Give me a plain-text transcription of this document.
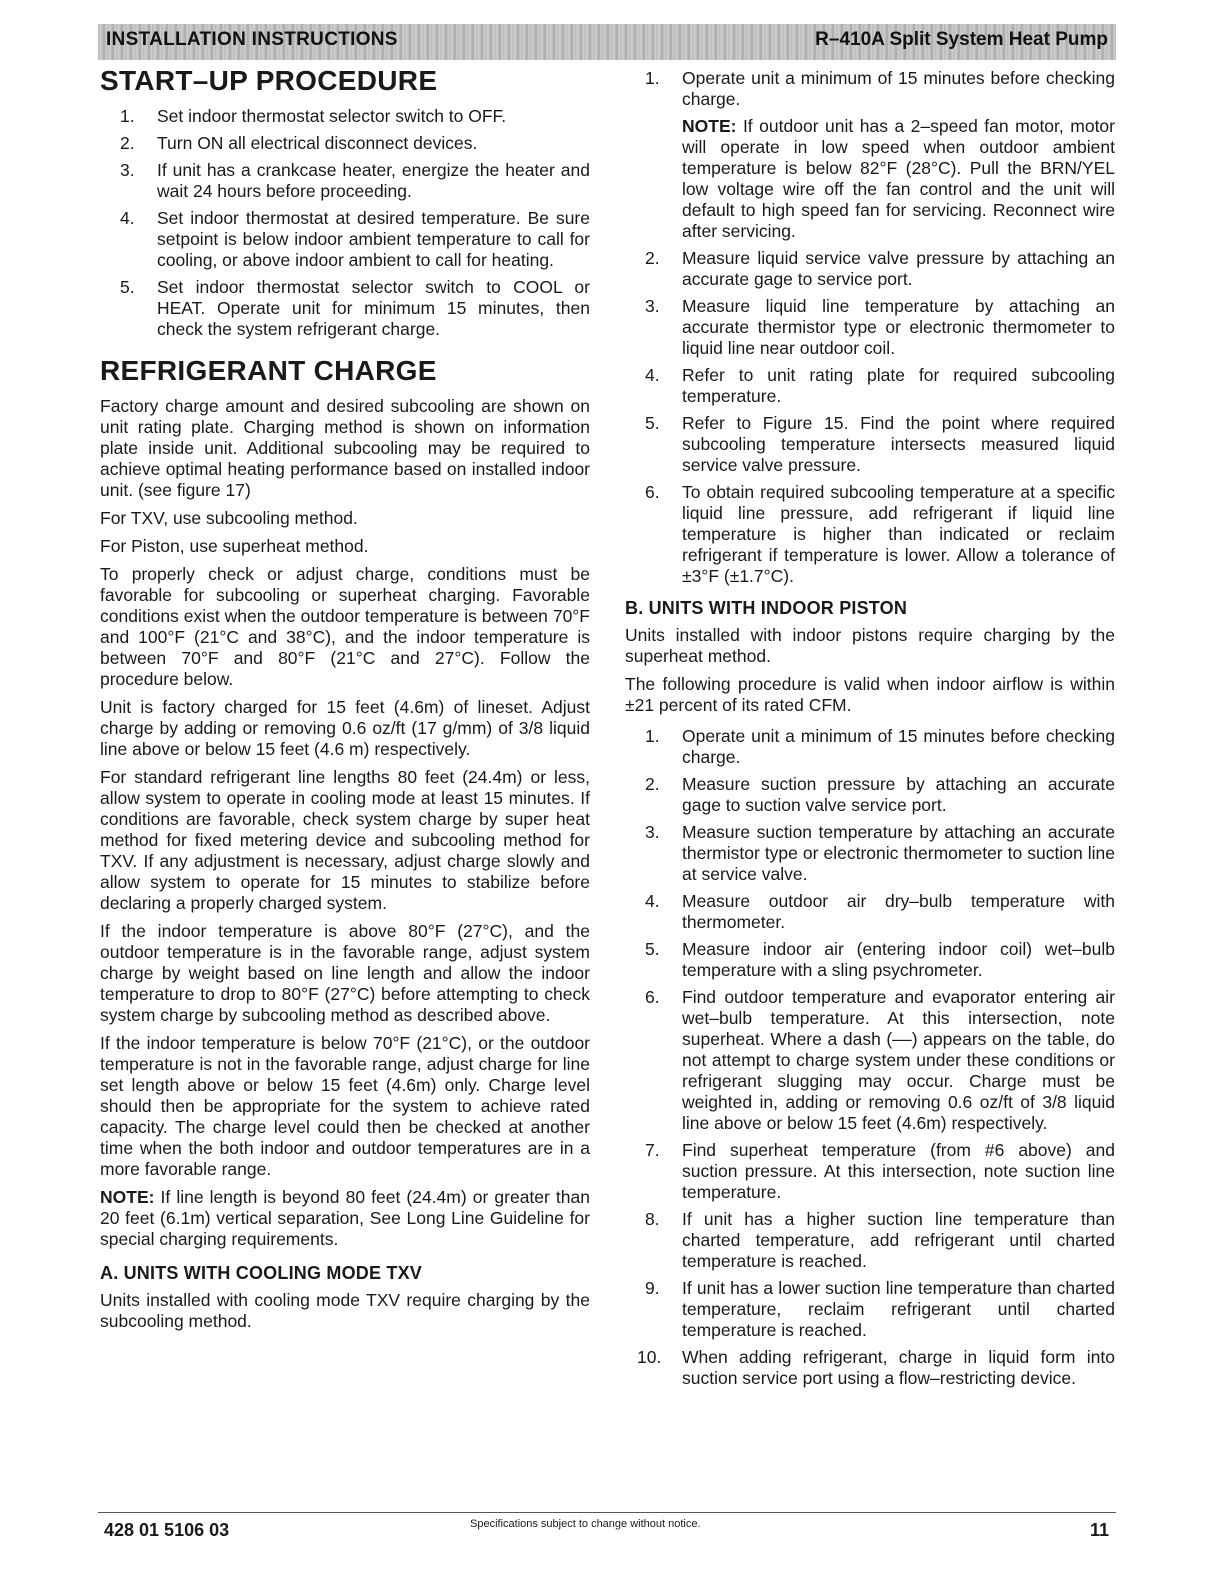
INSTALLATION INSTRUCTIONS	R–410A Split System Heat Pump
START–UP PROCEDURE
1. Set indoor thermostat selector switch to OFF.
2. Turn ON all electrical disconnect devices.
3. If unit has a crankcase heater, energize the heater and wait 24 hours before proceeding.
4. Set indoor thermostat at desired temperature. Be sure setpoint is below indoor ambient temperature to call for cooling, or above indoor ambient to call for heating.
5. Set indoor thermostat selector switch to COOL or HEAT. Operate unit for minimum 15 minutes, then check the system refrigerant charge.
REFRIGERANT CHARGE

Factory charge amount and desired subcooling are shown on unit rating plate. Charging method is shown on information plate inside unit. Additional subcooling may be required to achieve optimal heating performance based on installed indoor unit. (see figure 17)

For TXV, use subcooling method.

For Piston, use superheat method.

To properly check or adjust charge, conditions must be favorable for subcooling or superheat charging. Favorable conditions exist when the outdoor temperature is between 70°F and 100°F (21°C and 38°C), and the indoor temperature is between 70°F and 80°F (21°C and 27°C). Follow the procedure below.

Unit is factory charged for 15 feet (4.6m) of lineset. Adjust charge by adding or removing 0.6 oz/ft (17 g/mm) of 3/8 liquid line above or below 15 feet (4.6 m) respectively.

For standard refrigerant line lengths 80 feet (24.4m) or less, allow system to operate in cooling mode at least 15 minutes. If conditions are favorable, check system charge by super heat method for fixed metering device and subcooling method for TXV. If any adjustment is necessary, adjust charge slowly and allow system to operate for 15 minutes to stabilize before declaring a properly charged system.

If the indoor temperature is above 80°F (27°C), and the outdoor temperature is in the favorable range, adjust system charge by weight based on line length and allow the indoor temperature to drop to 80°F (27°C) before attempting to check system charge by subcooling method as described above.

If the indoor temperature is below 70°F (21°C), or the outdoor temperature is not in the favorable range, adjust charge for line set length above or below 15 feet (4.6m) only. Charge level should then be appropriate for the system to achieve rated capacity. The charge level could then be checked at another time when the both indoor and outdoor temperatures are in a more favorable range.

NOTE: If line length is beyond 80 feet (24.4m) or greater than 20 feet (6.1m) vertical separation, See Long Line Guideline for special charging requirements.

A. UNITS WITH COOLING MODE TXV

Units installed with cooling mode TXV require charging by the subcooling method.

1. Operate unit a minimum of 15 minutes before checking charge.

NOTE: If outdoor unit has a 2–speed fan motor, motor will operate in low speed when outdoor ambient temperature is below 82°F (28°C). Pull the BRN/YEL low voltage wire off the fan control and the unit will default to high speed fan for servicing. Reconnect wire after servicing.

2. Measure liquid service valve pressure by attaching an accurate gage to service port.
3. Measure liquid line temperature by attaching an accurate thermistor type or electronic thermometer to liquid line near outdoor coil.
4. Refer to unit rating plate for required subcooling temperature.
5. Refer to Figure 15. Find the point where required subcooling temperature intersects measured liquid service valve pressure.
6. To obtain required subcooling temperature at a specific liquid line pressure, add refrigerant if liquid line temperature is higher than indicated or reclaim refrigerant if temperature is lower. Allow a tolerance of ±3°F (±1.7°C).
B. UNITS WITH INDOOR PISTON

Units installed with indoor pistons require charging by the superheat method.

The following procedure is valid when indoor airflow is within ±21 percent of its rated CFM.

1. Operate unit a minimum of 15 minutes before checking charge.
2. Measure suction pressure by attaching an accurate gage to suction valve service port.
3. Measure suction temperature by attaching an accurate thermistor type or electronic thermometer to suction line at service valve.
4. Measure outdoor air dry–bulb temperature with thermometer.
5. Measure indoor air (entering indoor coil) wet–bulb temperature with a sling psychrometer.
6. Find outdoor temperature and evaporator entering air wet–bulb temperature. At this intersection, note superheat. Where a dash (––) appears on the table, do not attempt to charge system under these conditions or refrigerant slugging may occur. Charge must be weighted in, adding or removing 0.6 oz/ft of 3/8 liquid line above or below 15 feet (4.6m) respectively.
7. Find superheat temperature (from #6 above) and suction pressure. At this intersection, note suction line temperature.
8. If unit has a higher suction line temperature than charted temperature, add refrigerant until charted temperature is reached.
9. If unit has a lower suction line temperature than charted temperature, reclaim refrigerant until charted temperature is reached.
10. When adding refrigerant, charge in liquid form into suction service port using a flow–restricting device.
428 01 5106 03	Specifications subject to change without notice.	11
